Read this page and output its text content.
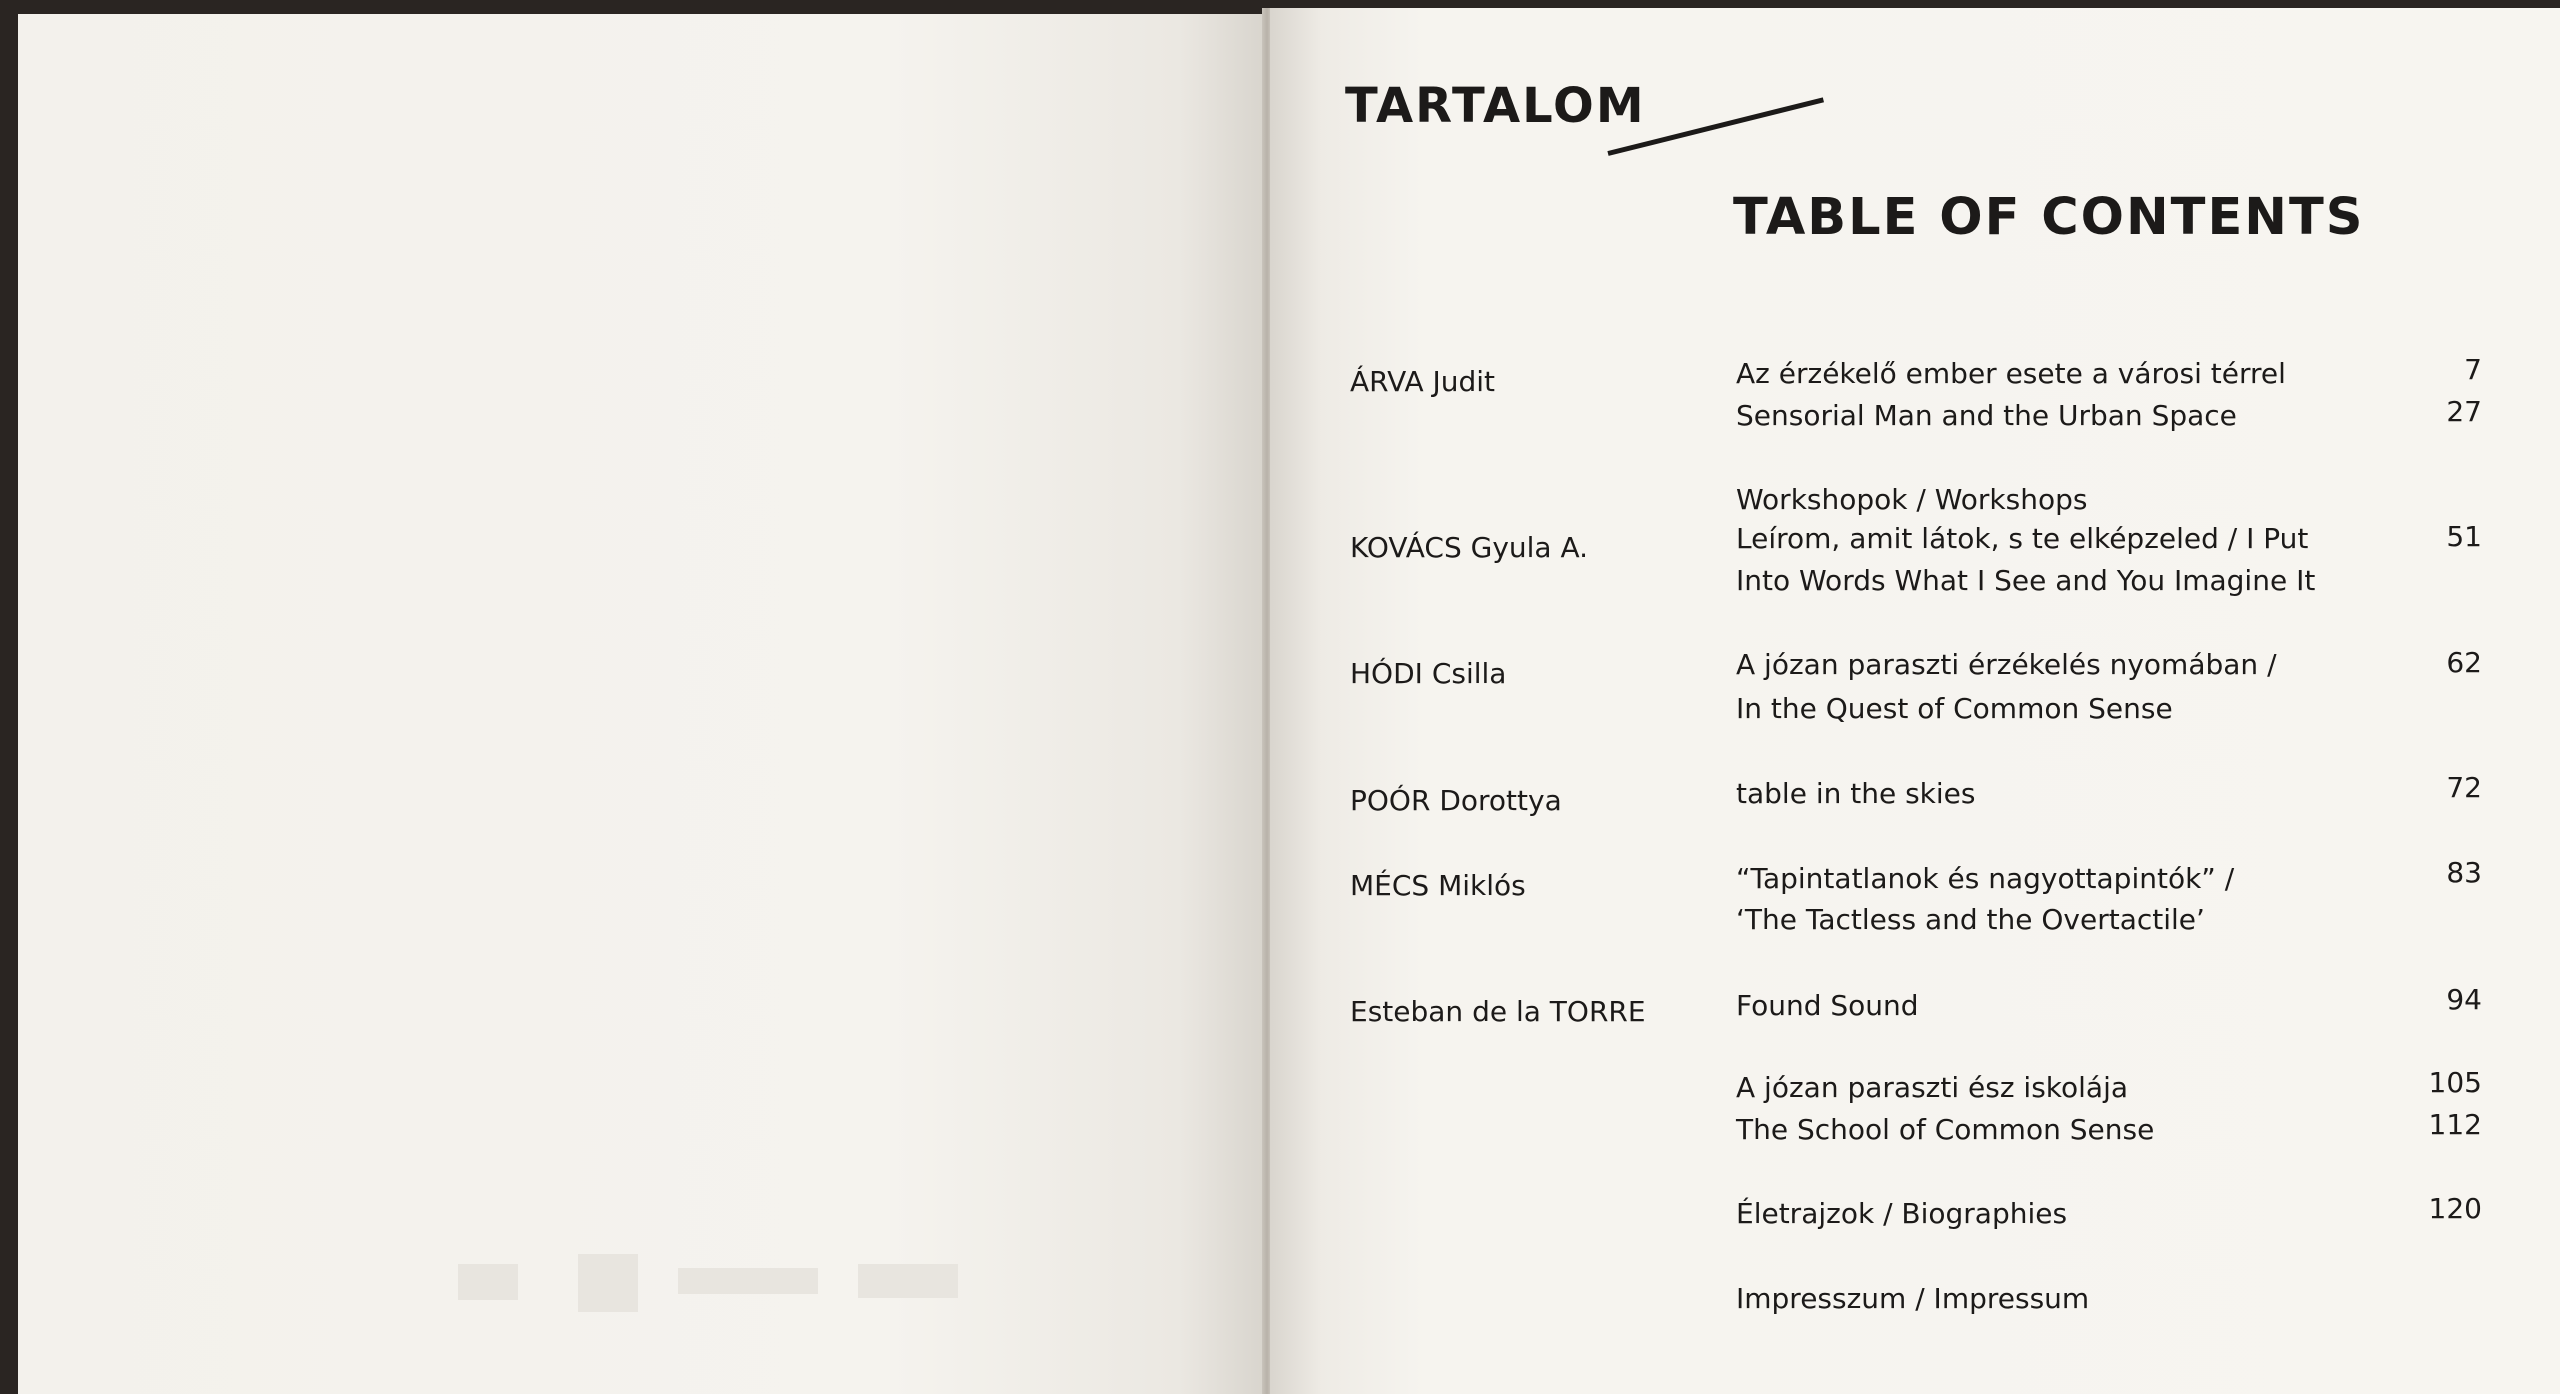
TARTALOM
TABLE OF CONTENTS
ÁRVA Judit	Az érzékelő ember esete a városi térrel	7
Sensorial Man and the Urban Space	27
Workshopok / Workshops
KOVÁCS Gyula A.	Leírom, amit látok, s te elképzeled / I Put	51
Into Words What I See and You Imagine It
HÓDI Csilla	A józan paraszti érzékelés nyomában /	62
In the Quest of Common Sense
POÓR Dorottya	table in the skies	72
MÉCS Miklós	“Tapintatlanok és nagyottapintók” /	83
‘The Tactless and the Overtactile’
Esteban de la TORRE	Found Sound	94
A józan paraszti ész iskolája	105
The School of Common Sense	112
Életrajzok / Biographies	120
Impresszum / Impressum
